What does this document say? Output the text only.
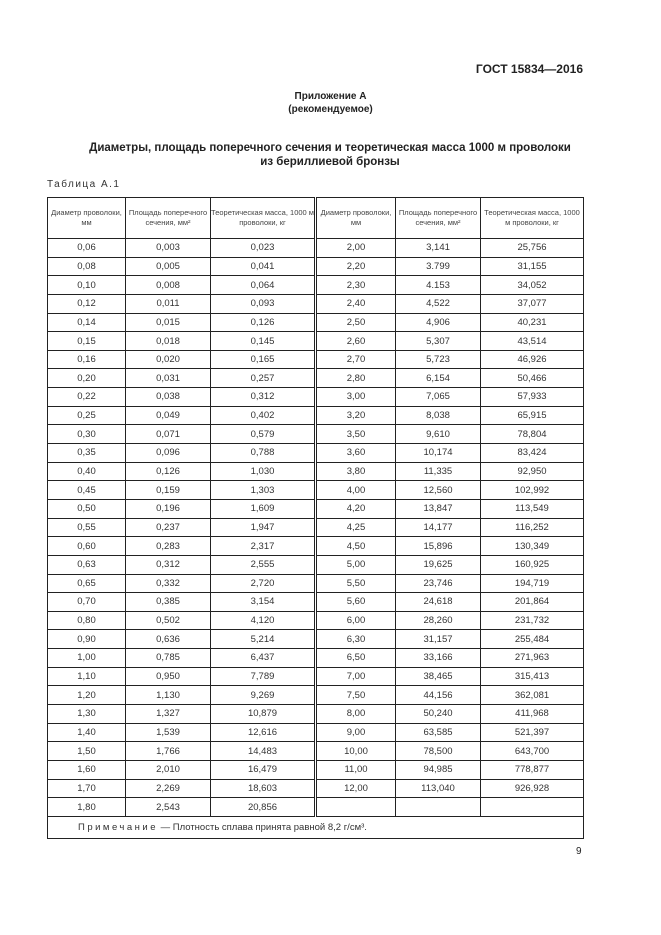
ГОСТ 15834—2016
Приложение А
(рекомендуемое)
Диаметры, площадь поперечного сечения и теоретическая масса 1000 м проволоки
из бериллиевой бронзы
Таблица А.1
Диаметр проволоки, мм	Площадь поперечного сечения, мм²	Теоретическая масса, 1000 м проволоки, кг	Диаметр проволоки, мм	Площадь поперечного сечения, мм²	Теоретическая масса, 1000 м проволоки, кг
0,06	0,003	0,023	2,00	3,141	25,756
0,08	0,005	0,041	2,20	3.799	31,155
0,10	0,008	0,064	2,30	4.153	34,052
0,12	0,011	0,093	2,40	4,522	37,077
0,14	0,015	0,126	2,50	4,906	40,231
0,15	0,018	0,145	2,60	5,307	43,514
0,16	0,020	0,165	2,70	5,723	46,926
0,20	0,031	0,257	2,80	6,154	50,466
0,22	0,038	0,312	3,00	7,065	57,933
0,25	0,049	0,402	3,20	8,038	65,915
0,30	0,071	0,579	3,50	9,610	78,804
0,35	0,096	0,788	3,60	10,174	83,424
0,40	0,126	1,030	3,80	11,335	92,950
0,45	0,159	1,303	4,00	12,560	102,992
0,50	0,196	1,609	4,20	13,847	113,549
0,55	0,237	1,947	4,25	14,177	116,252
0,60	0,283	2,317	4,50	15,896	130,349
0,63	0,312	2,555	5,00	19,625	160,925
0,65	0,332	2,720	5,50	23,746	194,719
0,70	0,385	3,154	5,60	24,618	201,864
0,80	0,502	4,120	6,00	28,260	231,732
0,90	0,636	5,214	6,30	31,157	255,484
1,00	0,785	6,437	6,50	33,166	271,963
1,10	0,950	7,789	7,00	38,465	315,413
1,20	1,130	9,269	7,50	44,156	362,081
1,30	1,327	10,879	8,00	50,240	411,968
1,40	1,539	12,616	9,00	63,585	521,397
1,50	1,766	14,483	10,00	78,500	643,700
1,60	2,010	16,479	11,00	94,985	778,877
1,70	2,269	18,603	12,00	113,040	926,928
1,80	2,543	20,856			
Примечание — Плотность сплава принята равной 8,2 г/см³.					
9
